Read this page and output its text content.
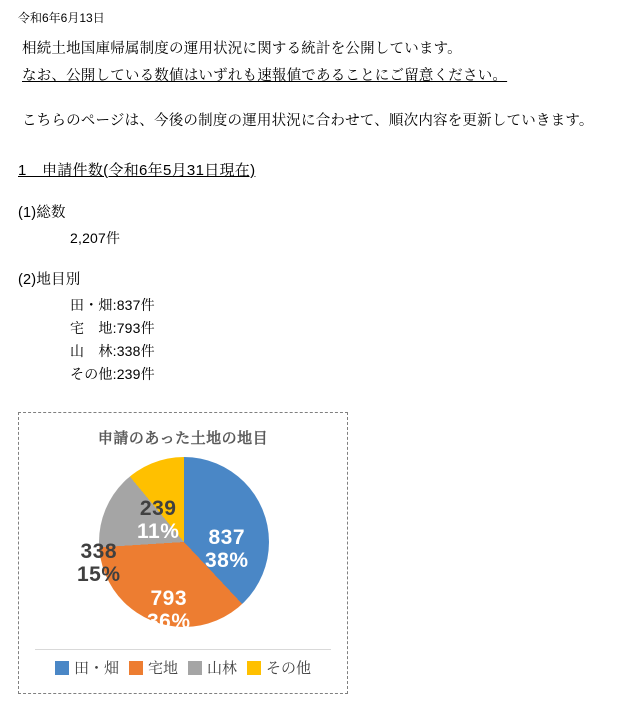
令和6年6月13日
相続土地国庫帰属制度の運用状況に関する統計を公開しています。
なお、公開している数値はいずれも速報値であることにご留意ください。
こちらのページは、今後の制度の運用状況に合わせて、順次内容を更新していきます。
1　申請件数(令和6年5月31日現在)
(1)総数
2,207件
(2)地目別
田・畑:837件
宅　地:793件
山　林:338件
その他:239件
申請のあった土地の地目
837
38%
793
36%
338
15%
239
11%
田・畑 宅地 山林 その他
